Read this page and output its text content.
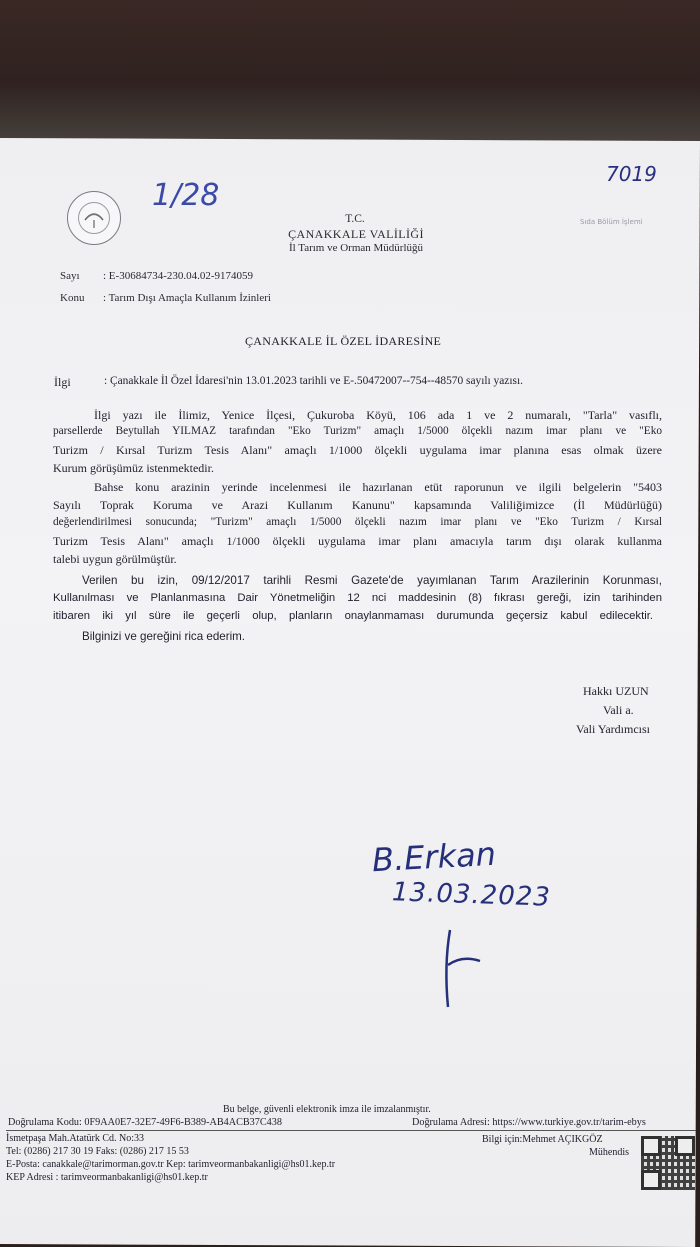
1/28
7019
Sıda Bölüm İşlemi
T.C.
ÇANAKKALE VALİLİĞİ
İl Tarım ve Orman Müdürlüğü
Sayı : E-30684734-230.04.02-9174059
Konu : Tarım Dışı Amaçla Kullanım İzinleri
ÇANAKKALE İL ÖZEL İDARESİNE
İlgi	: Çanakkale İl Özel İdaresi'nin 13.01.2023 tarihli ve E-.50472007--754--48570 sayılı yazısı.
İlgi yazı ile İlimiz, Yenice İlçesi, Çukuroba Köyü, 106 ada 1 ve 2 numaralı, "Tarla" vasıflı,
parsellerde Beytullah YILMAZ tarafından "Eko Turizm" amaçlı 1/5000 ölçekli nazım imar planı ve "Eko
Turizm / Kırsal Turizm Tesis Alanı" amaçlı 1/1000 ölçekli uygulama imar planına esas olmak üzere
Kurum görüşümüz istenmektedir.
Bahse konu arazinin yerinde incelenmesi ile hazırlanan etüt raporunun ve ilgili belgelerin "5403
Sayılı Toprak Koruma ve Arazi Kullanım Kanunu" kapsamında Valiliğimizce (İl Müdürlüğü)
değerlendirilmesi sonucunda; "Turizm" amaçlı 1/5000 ölçekli nazım imar planı ve "Eko Turizm / Kırsal
Turizm Tesis Alanı" amaçlı 1/1000 ölçekli uygulama imar planı amacıyla tarım dışı olarak kullanma
talebi uygun görülmüştür.
Verilen bu izin, 09/12/2017 tarihli Resmi Gazete'de yayımlanan Tarım Arazilerinin Korunması,
Kullanılması ve Planlanmasına Dair Yönetmeliğin 12 nci maddesinin (8) fıkrası gereği, izin tarihinden
itibaren iki yıl süre ile geçerli olup, planların onaylanmaması durumunda geçersiz kabul edilecektir.
Bilginizi ve gereğini rica ederim.
Hakkı UZUN
Vali a.
Vali Yardımcısı
B.Erkan
13.03.2023
Bu belge, güvenli elektronik imza ile imzalanmıştır.
Doğrulama Kodu: 0F9AA0E7-32E7-49F6-B389-AB4ACB37C438	Doğrulama Adresi: https://www.turkiye.gov.tr/tarim-ebys
İsmetpaşa Mah.Atatürk Cd. No:33
Tel: (0286) 217 30 19 Faks: (0286) 217 15 53
E-Posta: canakkale@tarimorman.gov.tr Kep: tarimveormanbakanligi@hs01.kep.tr
KEP Adresi : tarimveormanbakanligi@hs01.kep.tr
Bilgi için:Mehmet AÇIKGÖZ
Mühendis
